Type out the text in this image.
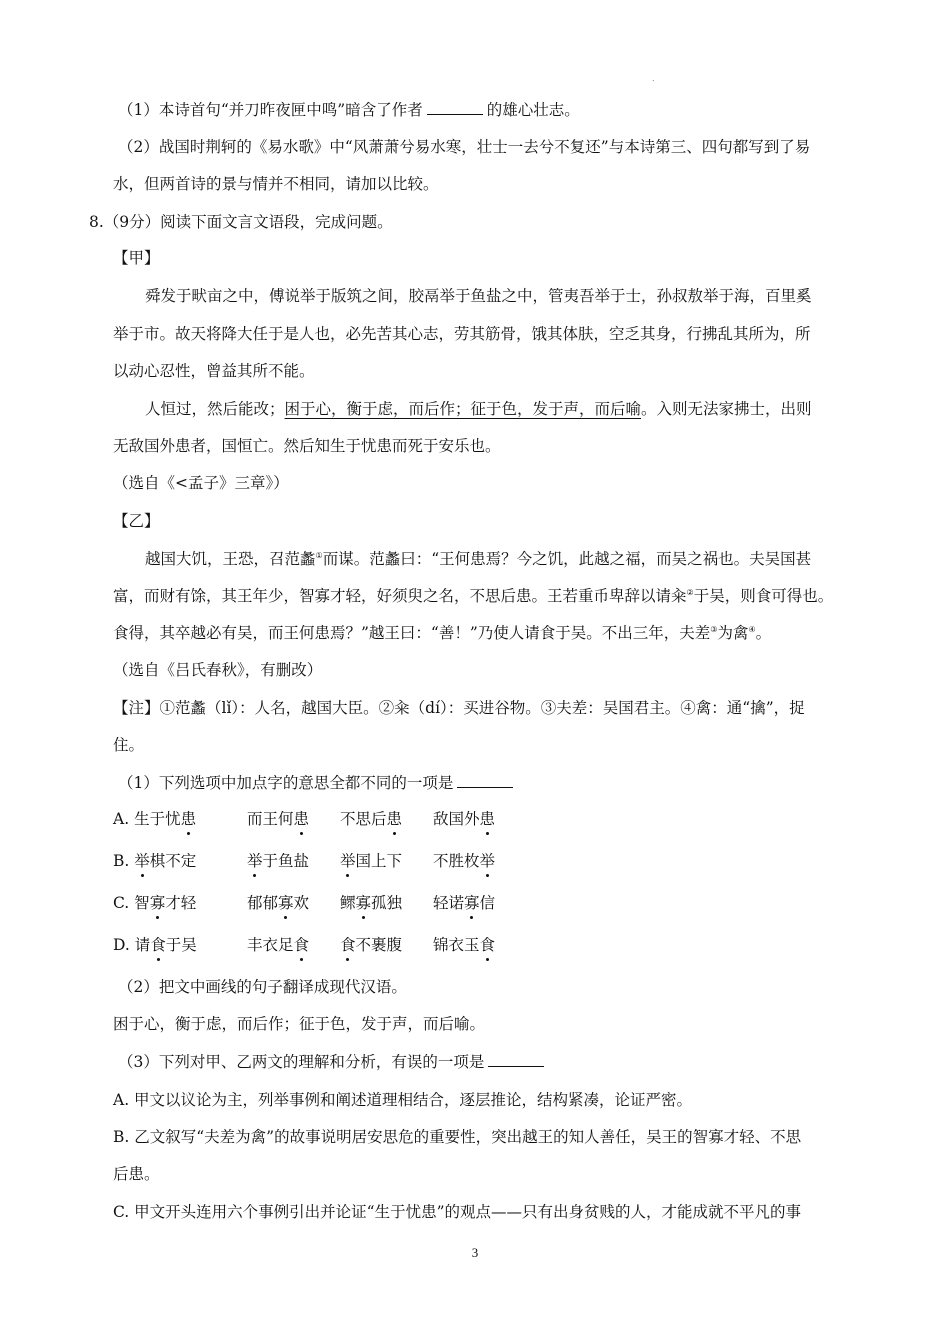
.
（1）本诗首句“并刀昨夜匣中鸣”暗含了作者	的雄心壮志。
（2）战国时荆轲的《易水歌》中“风萧萧兮易水寒，壮士一去兮不复还”与本诗第三、四句都写到了易
水，但两首诗的景与情并不相同，请加以比较。
8.（9分）阅读下面文言文语段，完成问题。
【甲】
舜发于畎亩之中，傅说举于版筑之间，胶鬲举于鱼盐之中，管夷吾举于士，孙叔敖举于海，百里奚
举于市。故天将降大任于是人也，必先苦其心志，劳其筋骨，饿其体肤，空乏其身，行拂乱其所为，所
以动心忍性，曾益其所不能。
人恒过，然后能改；困于心，衡于虑，而后作；征于色，发于声，而后喻。入则无法家拂士，出则
无敌国外患者，国恒亡。然后知生于忧患而死于安乐也。
（选自《<孟子》三章》）
【乙】
越国大饥，王恐，召范蠡①而谋。范蠡曰：“王何患焉？今之饥，此越之福，而吴之祸也。夫吴国甚
富，而财有馀，其王年少，智寡才轻，好须臾之名，不思后患。王若重币卑辞以请籴②于吴，则食可得也。
食得，其卒越必有吴，而王何患焉？”越王曰：“善！”乃使人请食于吴。不出三年，夫差③为禽④。
（选自《吕氏春秋》，有删改）
【注】①范蠡（lǐ）：人名，越国大臣。②籴（dí）：买进谷物。③夫差：吴国君主。④禽：通“擒”，捉
住。
（1）下列选项中加点字的意思全都不同的一项是
A. 生于忧患	而王何患 不思后患 敌国外患
B. 举棋不定	举于鱼盐 举国上下 不胜枚举
C. 智寡才轻	郁郁寡欢 鳏寡孤独 轻诺寡信
D. 请食于吴	丰衣足食 食不裹腹 锦衣玉食
（2）把文中画线的句子翻译成现代汉语。
困于心，衡于虑，而后作；征于色，发于声，而后喻。
（3）下列对甲、乙两文的理解和分析，有误的一项是
A. 甲文以议论为主，列举事例和阐述道理相结合，逐层推论，结构紧凑，论证严密。
B. 乙文叙写“夫差为禽”的故事说明居安思危的重要性，突出越王的知人善任，吴王的智寡才轻、不思
后患。
C. 甲文开头连用六个事例引出并论证“生于忧患”的观点——只有出身贫贱的人，才能成就不平凡的事
3
